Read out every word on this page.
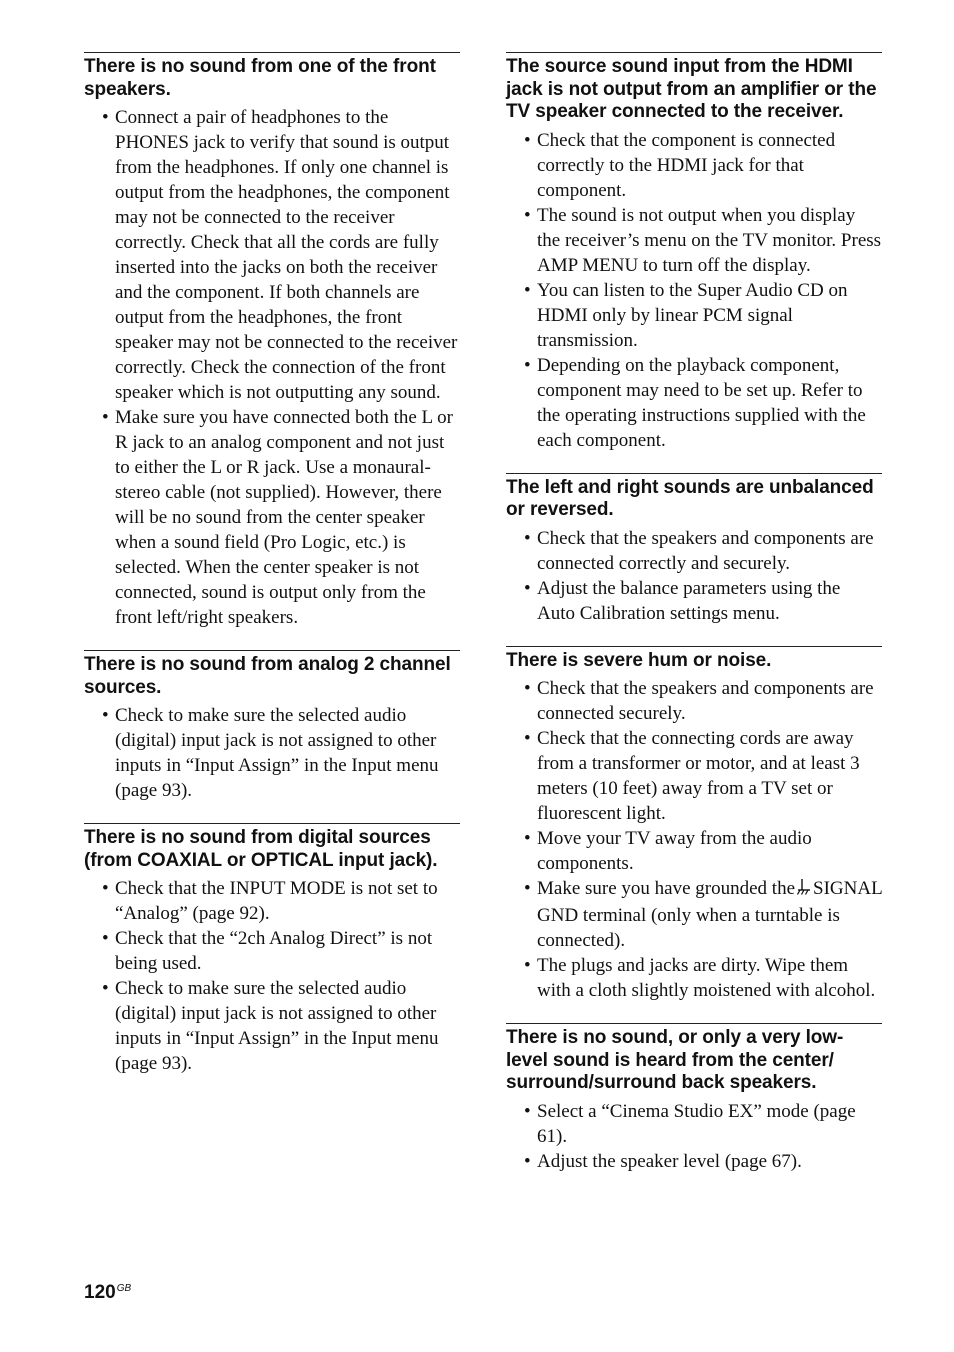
There is no sound from one of the front speakers.
• Connect a pair of headphones to the PHONES jack to verify that sound is output from the headphones. If only one channel is output from the headphones, the component may not be connected to the receiver correctly. Check that all the cords are fully inserted into the jacks on both the receiver and the component. If both channels are output from the headphones, the front speaker may not be connected to the receiver correctly. Check the connection of the front speaker which is not outputting any sound.
• Make sure you have connected both the L or R jack to an analog component and not just to either the L or R jack. Use a monaural-stereo cable (not supplied). However, there will be no sound from the center speaker when a sound field (Pro Logic, etc.) is selected. When the center speaker is not connected, sound is output only from the front left/right speakers.
There is no sound from analog 2 channel sources.
• Check to make sure the selected audio (digital) input jack is not assigned to other inputs in “Input Assign” in the Input menu (page 93).
There is no sound from digital sources (from COAXIAL or OPTICAL input jack).
• Check that the INPUT MODE is not set to “Analog” (page 92).
• Check that the “2ch Analog Direct” is not being used.
• Check to make sure the selected audio (digital) input jack is not assigned to other inputs in “Input Assign” in the Input menu (page 93).
The source sound input from the HDMI jack is not output from an amplifier or the TV speaker connected to the receiver.
• Check that the component is connected correctly to the HDMI jack for that component.
• The sound is not output when you display the receiver’s menu on the TV monitor. Press AMP MENU to turn off the display.
• You can listen to the Super Audio CD on HDMI only by linear PCM signal transmission.
• Depending on the playback component, component may need to be set up. Refer to the operating instructions supplied with the each component.
The left and right sounds are unbalanced or reversed.
• Check that the speakers and components are connected correctly and securely.
• Adjust the balance parameters using the Auto Calibration settings menu.
There is severe hum or noise.
• Check that the speakers and components are connected securely.
• Check that the connecting cords are away from a transformer or motor, and at least 3 meters (10 feet) away from a TV set or fluorescent light.
• Move your TV away from the audio components.
• Make sure you have grounded the SIGNAL GND terminal (only when a turntable is connected).
• The plugs and jacks are dirty. Wipe them with a cloth slightly moistened with alcohol.
There is no sound, or only a very low-level sound is heard from the center/ surround/surround back speakers.
• Select a “Cinema Studio EX” mode (page 61).
• Adjust the speaker level (page 67).
$120^{GB}$
